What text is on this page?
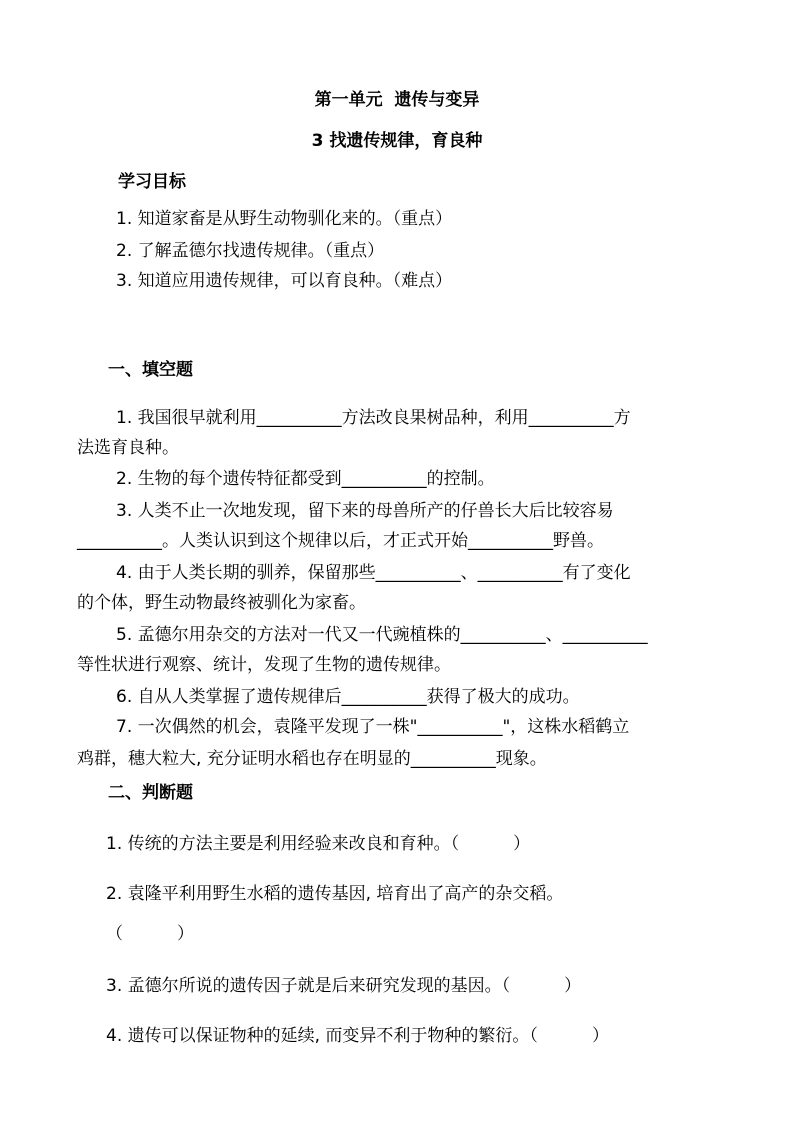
第一单元  遗传与变异
3 找遗传规律，育良种
学习目标
1. 知道家畜是从野生动物驯化来的。（重点）
2. 了解孟德尔找遗传规律。（重点）
3. 知道应用遗传规律，可以育良种。（难点）
一、填空题
1. 我国很早就利用__________方法改良果树品种，利用__________方
法选育良种。
2. 生物的每个遗传特征都受到__________的控制。
3. 人类不止一次地发现，留下来的母兽所产的仔兽长大后比较容易
__________。人类认识到这个规律以后，才正式开始__________野兽。
4. 由于人类长期的驯养，保留那些__________、__________有了变化
的个体，野生动物最终被驯化为家畜。
5. 孟德尔用杂交的方法对一代又一代豌植株的__________、__________
等性状进行观察、统计，发现了生物的遗传规律。
6. 自从人类掌握了遗传规律后__________获得了极大的成功。
7. 一次偶然的机会，袁隆平发现了一株"__________"，这株水稻鹤立
鸡群，穗大粒大, 充分证明水稻也存在明显的__________现象。
二、判断题
1. 传统的方法主要是利用经验来改良和育种。（          ）
2. 袁隆平利用野生水稻的遗传基因, 培育出了高产的杂交稻。
（          ）
3. 孟德尔所说的遗传因子就是后来研究发现的基因。（          ）
4. 遗传可以保证物种的延续, 而变异不利于物种的繁衍。（          ）
